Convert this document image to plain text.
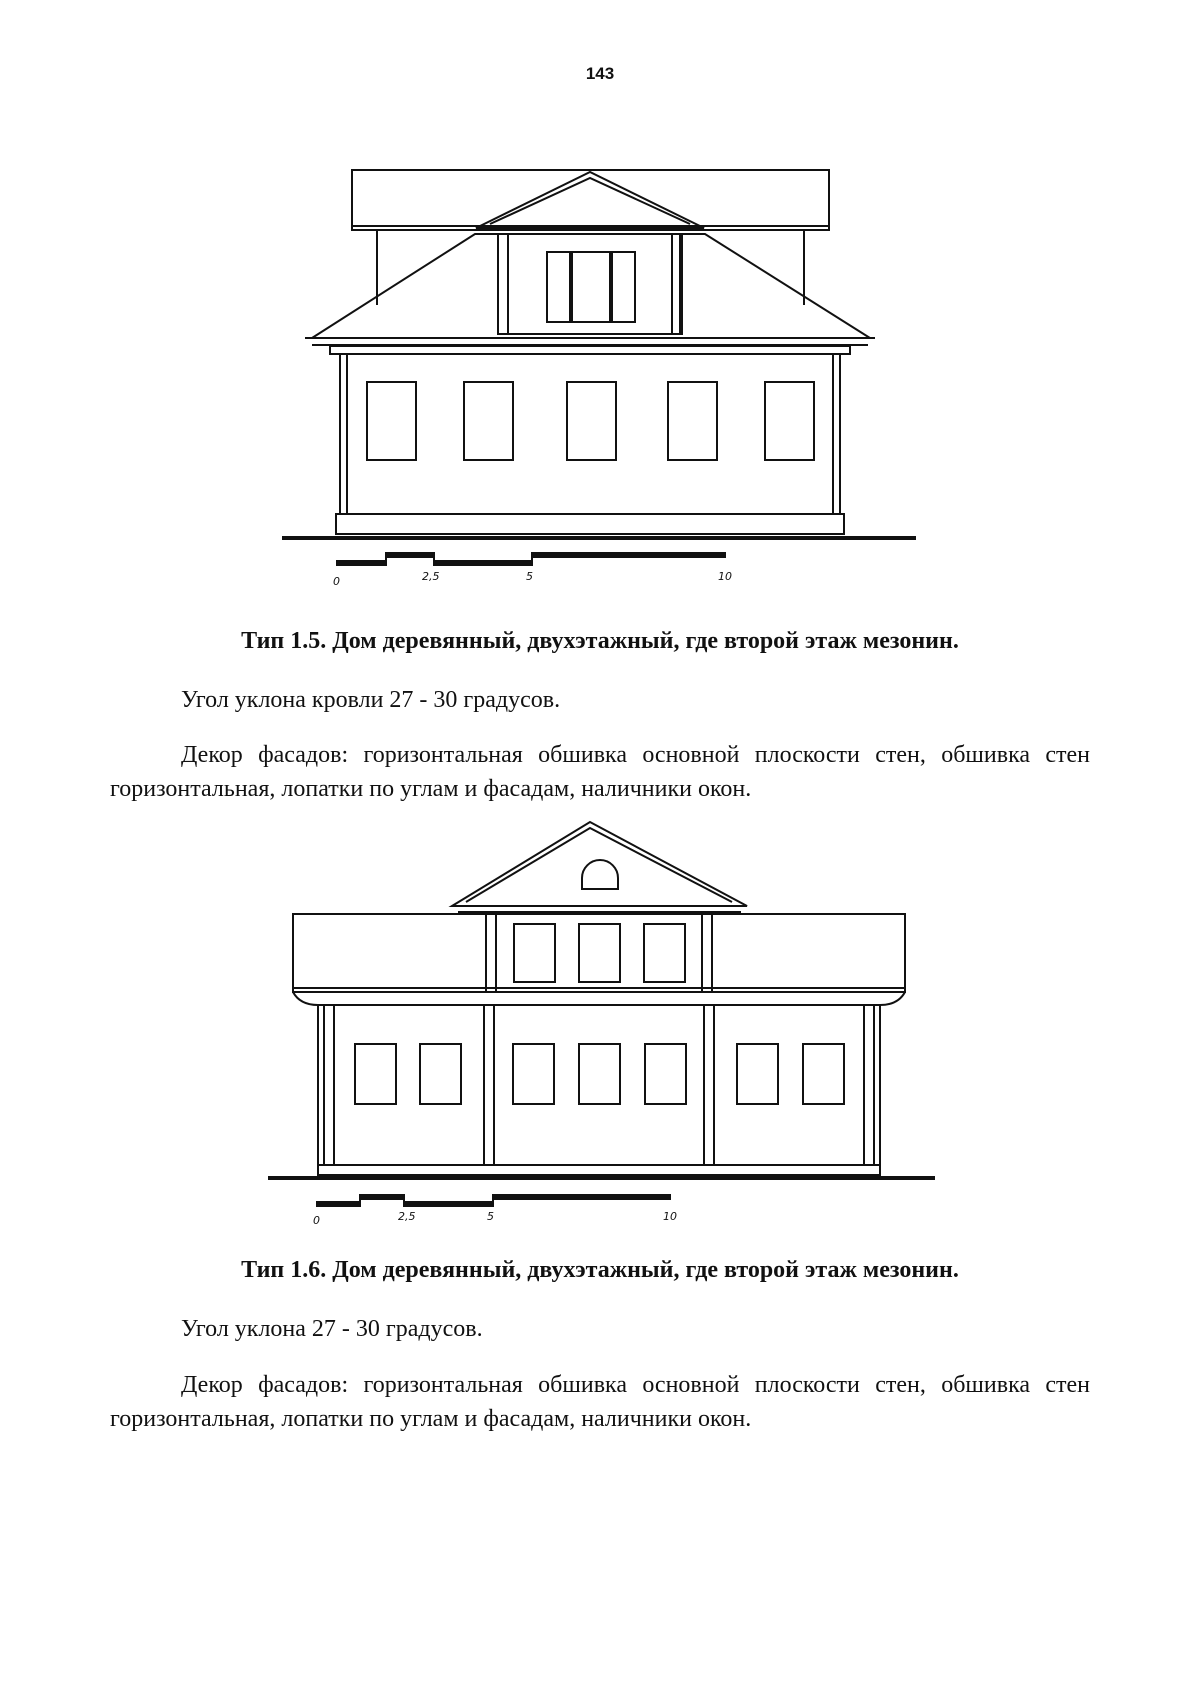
143
0	2,5	5	10
Тип 1.5. Дом деревянный, двухэтажный, где второй этаж мезонин.

Угол уклона кровли 27 - 30 градусов.

Декор фасадов: горизонтальная обшивка основной плоскости стен, обшивка стен горизонтальная, лопатки по углам и фасадам, наличники окон.

0	2,5	5	10
Тип 1.6. Дом деревянный, двухэтажный, где второй этаж мезонин.

Угол уклона 27 - 30 градусов.

Декор фасадов: горизонтальная обшивка основной плоскости стен, обшивка стен горизонтальная, лопатки по углам и фасадам, наличники окон.
